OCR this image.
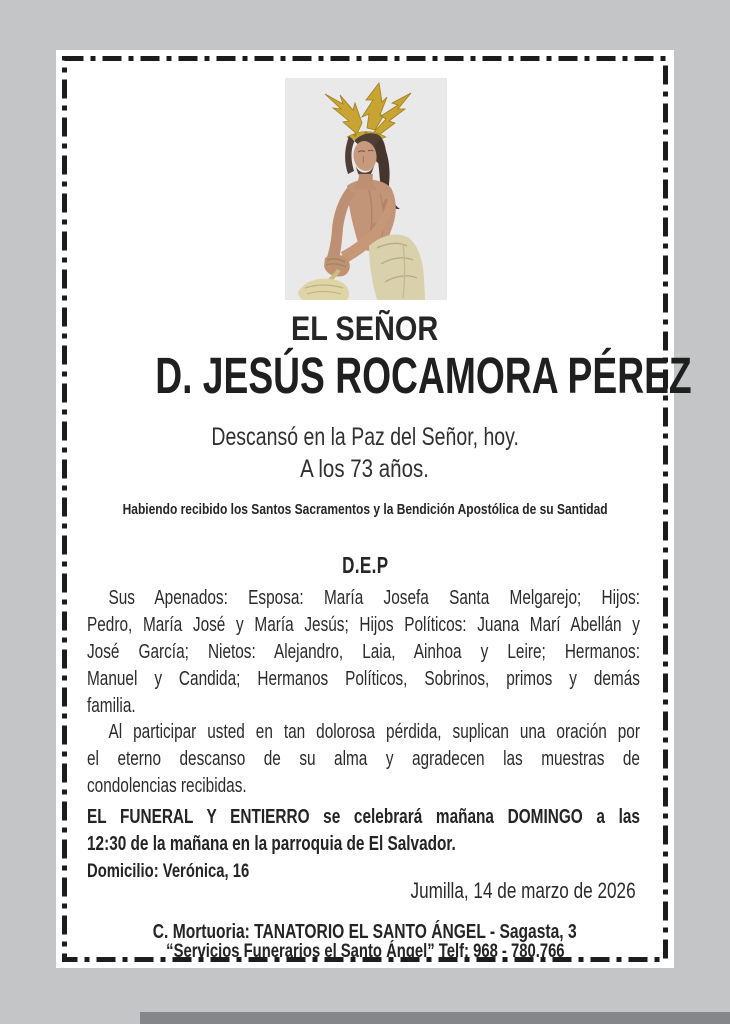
EL SEÑOR
D. JESÚS ROCAMORA PÉREZ
Descansó en la Paz del Señor, hoy.
A los 73 años.
Habiendo recibido los Santos Sacramentos y la Bendición Apostólica de su Santidad
D.E.P
Sus Apenados: Esposa: María Josefa Santa Melgarejo; Hijos:
Pedro, María José y María Jesús; Hijos Políticos: Juana Marí Abellán y
José García; Nietos: Alejandro, Laia, Ainhoa y Leire; Hermanos:
Manuel y Candida; Hermanos Políticos, Sobrinos, primos y demás
familia.
Al participar usted en tan dolorosa pérdida, suplican una oración por
el eterno descanso de su alma y agradecen las muestras de
condolencias recibidas.
EL FUNERAL Y ENTIERRO se celebrará mañana DOMINGO a las
12:30 de la mañana en la parroquia de El Salvador.
Domicilio: Verónica, 16
Jumilla, 14 de marzo de 2026
C. Mortuoria: TANATORIO EL SANTO ÁNGEL - Sagasta, 3
“Servicios Funerarios el Santo Ángel” Telf: 968 - 780.766
